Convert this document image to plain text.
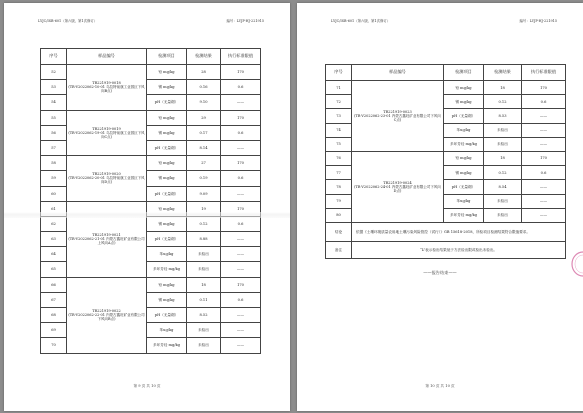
LYJC/ISB-601（第六版、第1次修订）	编号：LYJP-HJ-221915
序号	样品编号	检测项目	检测结果	执行标准限值
52	TR221919-0018
(TR-V2022062-10-01 乌拉特前旗工业园区下风向B点)	铅 mg/kg	28	170
53		锡 mg/kg	0.16	0.6
54		pH（无量纲）	9.10	——
55	TR221919-0019
(TR-V2022062-19-01 乌拉特前旗工业园区下风向C点)	铅 mg/kg	29	170
56		锡 mg/kg	0.17	0.6
57		pH（无量纲）	8.14	——
58	TR221919-0020
(TR-V2022062-20-01 乌拉特前旗工业园区下风向D点)	铅 mg/kg	27	170
59		锡 mg/kg	0.19	0.6
60		pH（无量纲）	9.09	——
61	TR221919-0021
(TR-V2022062-21-01 内蒙古鑫旺矿业有限公司上风向A点)	铅 mg/kg	19	170
62		锡 mg/kg	0.12	0.6
63		pH（无量纲）	8.88	——
64		苯ug/kg	未检出	——
65		多环芳烃 mg/kg	未检出	——
66	TR221919-0022
(TR-V2022062-22-01 内蒙古鑫旺矿业有限公司下风向B点)	铅 mg/kg	18	170
67		锡 mg/kg	0.11	0.6
68		pH（无量纲）	8.52	——
69		苯ug/kg	未检出	——
70		多环芳烃 mg/kg	未检出	——
第 9 页 共 10 页
LYJC/ISB-601（第六版、第1次修订）	编号：LYJP-HJ-221915
序号	样品编号	检测项目	检测结果	执行标准限值
71	TR221919-0023
(TR-V2022062-23-01 内蒙古鑫旺矿业有限公司下风向C点)	铅 mg/kg	18	170
72		锡 mg/kg	0.12	0.6
73		pH（无量纲）	8.53	——
74		苯ug/kg	未检出	——
75		多环芳烃 mg/kg	未检出	——
76	TR221919-0024
(TR-V2022062-24-01 内蒙古鑫旺矿业有限公司下风向D点)	铅 mg/kg	18	170
77		锡 mg/kg	0.12	0.6
78		pH（无量纲）	8.54	——
79		苯ug/kg	未检出	——
80		多环芳烃 mg/kg	未检出	——
结论	依据《土壤环境质量农用地土壤污染风险管控（试行）》GB 15618-2018，所检项目检测结果符合限值要求。			
备注	“L”表示检出结果低于方法检出限或检出未检出。			
——报告结束——
第 10 页 共 10 页
